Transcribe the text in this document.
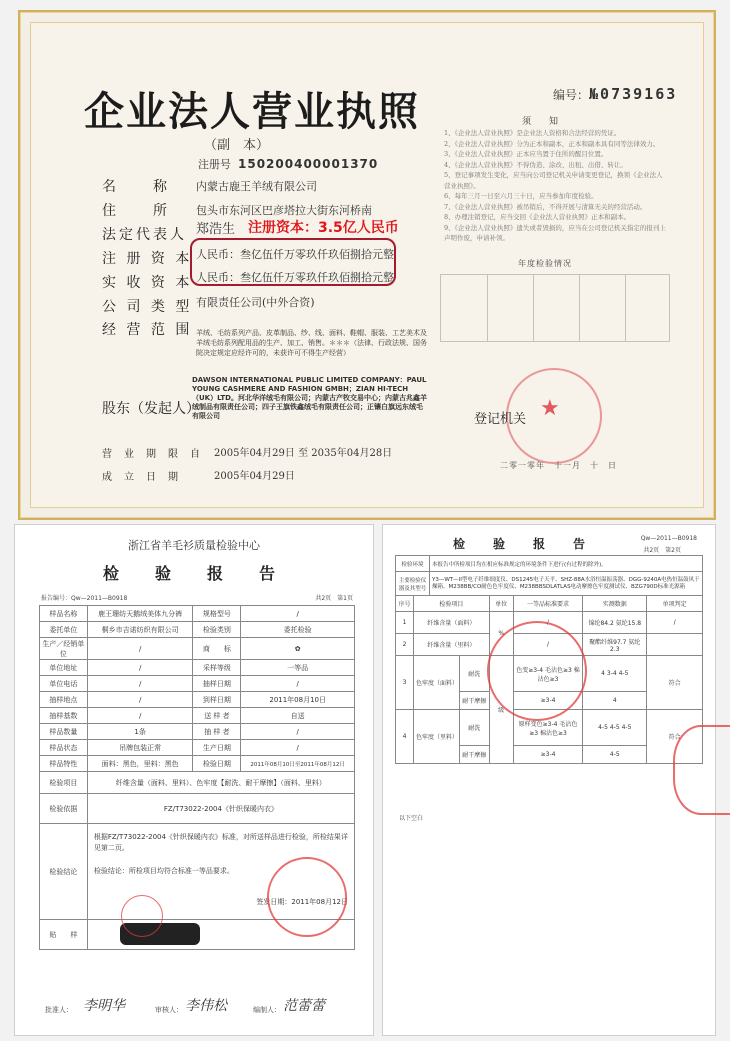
企业法人营业执照
（副　本）
编号：№0739163
注册号 150200400001370
名　　称 内蒙古鹿王羊绒有限公司
住　　所 包头市东河区巴彦塔拉大街东河桥南
法定代表人 郑浩生 注册资本：3.5亿人民币
注 册 资 本 人民币：叁亿伍仟万零玖仟玖佰捌拾元整
实 收 资 本 人民币：叁亿伍仟万零玖仟玖佰捌拾元整
公 司 类 型 有限责任公司(中外合资)
经 营 范 围 羊绒、毛纺系列产品、皮革制品、纱、线、面料、鞋帽、服装、工艺美术及羊绒毛纺系列配用品的生产、加工、销售。＊＊＊（法律、行政法规、国务院决定规定应经许可的，未获许可不得生产经营）
股东（发起人）
DAWSON INTERNATIONAL PUBLIC LIMITED COMPANY：PAUL YOUNG CASHMERE AND FASHION GMBH；ZIAN HI-TECH（UK）LTD。河北华洋绒毛有限公司；内蒙古产牧交易中心；内蒙古兆鑫羊绒制品有限责任公司；四子王旗铁鑫绒毛有限责任公司；正镶白旗远东绒毛有限公司
营　业　期　限　自 2005年04月29日 至 2035年04月28日
成　立　日　期	2005年04月29日
须知
1、《企业法人营业执照》是企业法人资格和合法经营的凭证。
2、《企业法人营业执照》分为正本和副本，正本和副本具有同等法律效力。
3、《企业法人营业执照》正本应当置于住所的醒目位置。
4、《企业法人营业执照》不得伪造、涂改、出租、出借、转让。
5、登记事项发生变化，应当向公司登记机关申请变更登记，换领《企业法人营业执照》。
6、每年三月一日至六月三十日，应当参加年度检验。
7、《企业法人营业执照》被吊销后，不得开展与清算无关的经营活动。
8、办理注销登记，应当交回《企业法人营业执照》正本和副本。
9、《企业法人营业执照》遗失或者毁损的，应当在公司登记机关指定的报刊上声明作废，申请补领。
年度检验情况
★
登记机关
二零一零年　十一月　十　日
浙江省羊毛衫质量检验中心
检　验　报　告
报告编号：Qw—2011—B0918	共2页　第1页
样品名称	鹿王珊纺天鹅绒美体九分裤	规格型号	/
委托单位	桐乡市吉诺纺织有限公司	检验类别	委托检验
生产／经销单位	/	商　　标	✿
单位地址	/	采样等级	一等品
单位电话	/	抽样日期	/
抽样地点	/	到样日期	2011年08月10日
抽样基数	/	送 样 者	自送
样品数量	1条	抽 样 者	/
样品状态	吊牌包装正常	生产日期	/
样品特性	面料：黑色，里料：黑色	检验日期	2011年08月10日至2011年08月12日
检验项目	纤维含量（面料、里料）、色牢度【耐洗、耐干摩擦】（面料、里料）		
检验依据	FZ/T73022-2004《针织保暖内衣》		
检验结论	根据FZ/T73022-2004《针织保暖内衣》标准，对所送样品进行检验，所检结果详见第二页。
检验结论：所检项目均符合标准一等品要求。
签发日期：2011年08月12日		

贴　　样			
批准人： 李明华	审核人： 李伟松	编制人： 范蕾蕾
检　验　报　告	Qw—2011—B0918
共2页　第2页
检验环境	本报告中所检项目均在相应标准规定的环境条件下进行(有过程的除外)。
主要检验仪器及其型号	Y3—WT—II型电子纤维细度仪、DS1245电子天平、SHZ-88A水浴恒温振荡器、DGG-9240A电热恒温鼓风干燥箱、M238BB/CO耐色色牢度仪、M238BBSDLATLAS电动摩擦色牢度测试仪、BZG790D标准光源箱
序号	检验项目		单位	一等品标准要求	实测数据	单项判定
1	纤维含量（面料）		%	/	锦纶84.2 氨纶15.8	/
2	纤维含量（里料）			/	聚酯纤维97.7 氨纶2.3	
3	色牢度（面料）	耐洗	级	色变≥3-4 毛沾色≥3 棉沾色≥3	4 3-4 4-5	符合
		耐干摩擦		≥3-4	4	
4	色牢度（里料）	耐洗		原样变色≥3-4 毛沾色≥3 棉沾色≥3	4-5 4-5 4-5	符合
		耐干摩擦		≥3-4	4-5	
以下空白
